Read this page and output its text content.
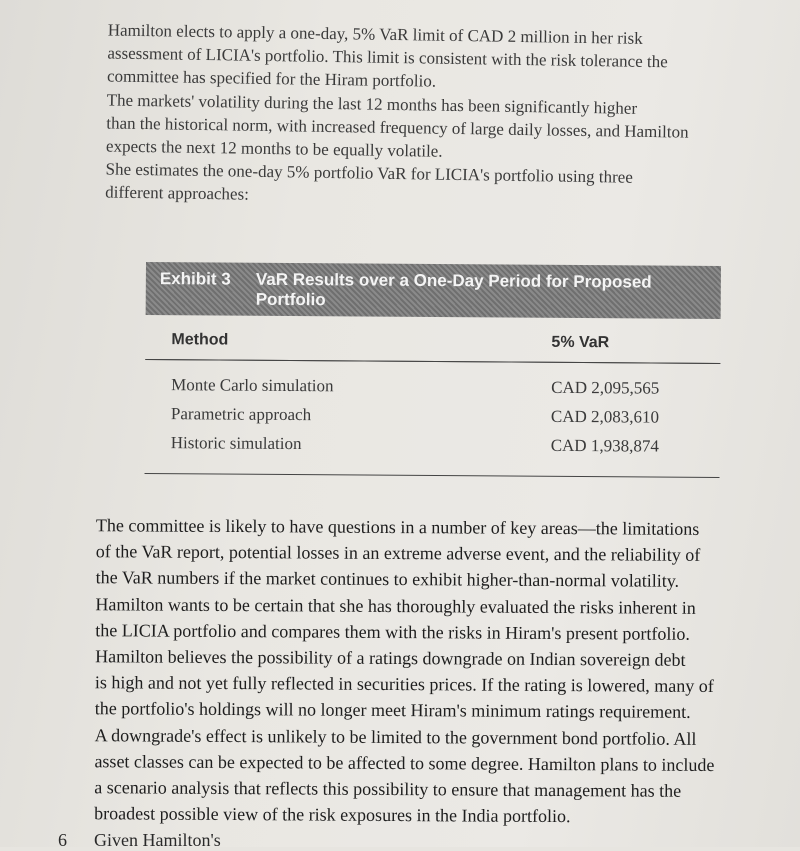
Hamilton elects to apply a one-day, 5% VaR limit of CAD 2 million in her risk
assessment of LICIA's portfolio. This limit is consistent with the risk tolerance the
committee has specified for the Hiram portfolio.

The markets' volatility during the last 12 months has been significantly higher
than the historical norm, with increased frequency of large daily losses, and Hamilton
expects the next 12 months to be equally volatile.

She estimates the one-day 5% portfolio VaR for LICIA's portfolio using three
different approaches:

Exhibit 3	VaR Results over a One-Day Period for Proposed Portfolio
Method	5% VaR
Monte Carlo simulation	CAD 2,095,565
Parametric approach	CAD 2,083,610
Historic simulation	CAD 1,938,874

The committee is likely to have questions in a number of key areas—the limitations
of the VaR report, potential losses in an extreme adverse event, and the reliability of
the VaR numbers if the market continues to exhibit higher-than-normal volatility.
Hamilton wants to be certain that she has thoroughly evaluated the risks inherent in
the LICIA portfolio and compares them with the risks in Hiram's present portfolio.

Hamilton believes the possibility of a ratings downgrade on Indian sovereign debt
is high and not yet fully reflected in securities prices. If the rating is lowered, many of
the portfolio's holdings will no longer meet Hiram's minimum ratings requirement.
A downgrade's effect is unlikely to be limited to the government bond portfolio. All
asset classes can be expected to be affected to some degree. Hamilton plans to include
a scenario analysis that reflects this possibility to ensure that management has the
broadest possible view of the risk exposures in the India portfolio.

6 Given Hamilton's
